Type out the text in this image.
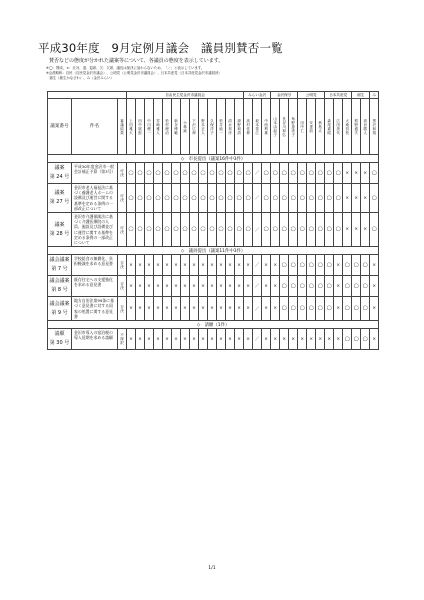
平成30年度　9月定例月議会　議員別賛否一覧
賛否などの態度が分かれた議案等について、各議員の態度を表示しています。
※◯：賛成、×：反対、退：退席、欠：欠席、議長は採決に加わらないため、「／」と表示しています。
※会派略称：自民（自民党金沢市議会）、公明党（公明党金沢市議員会）、日本共産党（日本共産党金沢市議員団）
　創生（創生かなざわ）、み（金沢みらい）
			自由民主党金沢市議員会													みらい金沢			金沢保守			公明党			日本共産党			創生		み
議案番号	件名	審議結果	上田雅大	田中展郎	中川俊一	宮崎雅人	松村理治	新谷博範	小林誠	下沢広伸	野本正人	久保洋子	松井純一	清水邦彦	源野和清	高村佳伸	坂本泰広	中西利雄	山本由起子	長谷川和弘	角野恵美子	田中仁	安達前	秋島太	森尾嘉昭	広田美代	大桑初枝	熊野盛夫	高岩勝人	黒沢和規

◇　市長提出（議案16件中3件）																														

議案
第 24 号	平成30年度金沢市一般会計補正予算（第3号）	可決	◯	◯	◯	◯	◯	◯	◯	◯	◯	◯	◯	◯	◯	◯	／	◯	◯	◯	◯	◯	◯	◯	◯	◯	×	×	×	◯

議案
第 27 号	金沢市老人福祉法に基づく養護老人ホームの設備及び運営に関する基準を定める条例の一部改正について	可決	◯	◯	◯	◯	◯	◯	◯	◯	◯	◯	◯	◯	◯	◯	／	◯	◯	◯	◯	◯	◯	◯	◯	◯	×	×	×	◯

議案
第 28 号	金沢市介護保険法に基づく介護医療院の人員、施設及び設備並びに運営に関する基準を定める条例の一部改正について	可決	◯	◯	◯	◯	◯	◯	◯	◯	◯	◯	◯	◯	◯	◯	／	◯	◯	◯	◯	◯	◯	◯	◯	◯	×	×	×	◯
◇　議員提出（議案11件中3件）																														

議会議案
第 7 号	学校給食の無償化、負担軽減を求める意見書	否決	×	×	×	×	×	×	×	×	×	×	×	×	×	×	／	×	×	◯	◯	◯	◯	◯	◯	×	◯	◯	◯	×

議会議案
第 8 号	既存住宅への支援強化を求める意見書	否決	×	×	×	×	×	×	×	×	×	×	×	×	×	×	／	×	×	◯	◯	◯	◯	◯	◯	×	◯	◯	◯	×

議会議案
第 9 号	地方自治法第99条に基づく意見書に対する国家の処置に関する意見書	否決	×	×	×	×	×	×	×	×	×	×	×	×	×	×	／	×	×	◯	◯	◯	◯	◯	◯	×	◯	◯	◯	×
◇　請願（1件）																														

請願
第 30 号	金沢市導入の宿泊税の導入延期を求める請願	不採択	×	×	×	×	×	×	×	×	×	×	×	×	×	×	／	×	×	×	×	×	×	×	×	×	◯	◯	◯	×
1/1
